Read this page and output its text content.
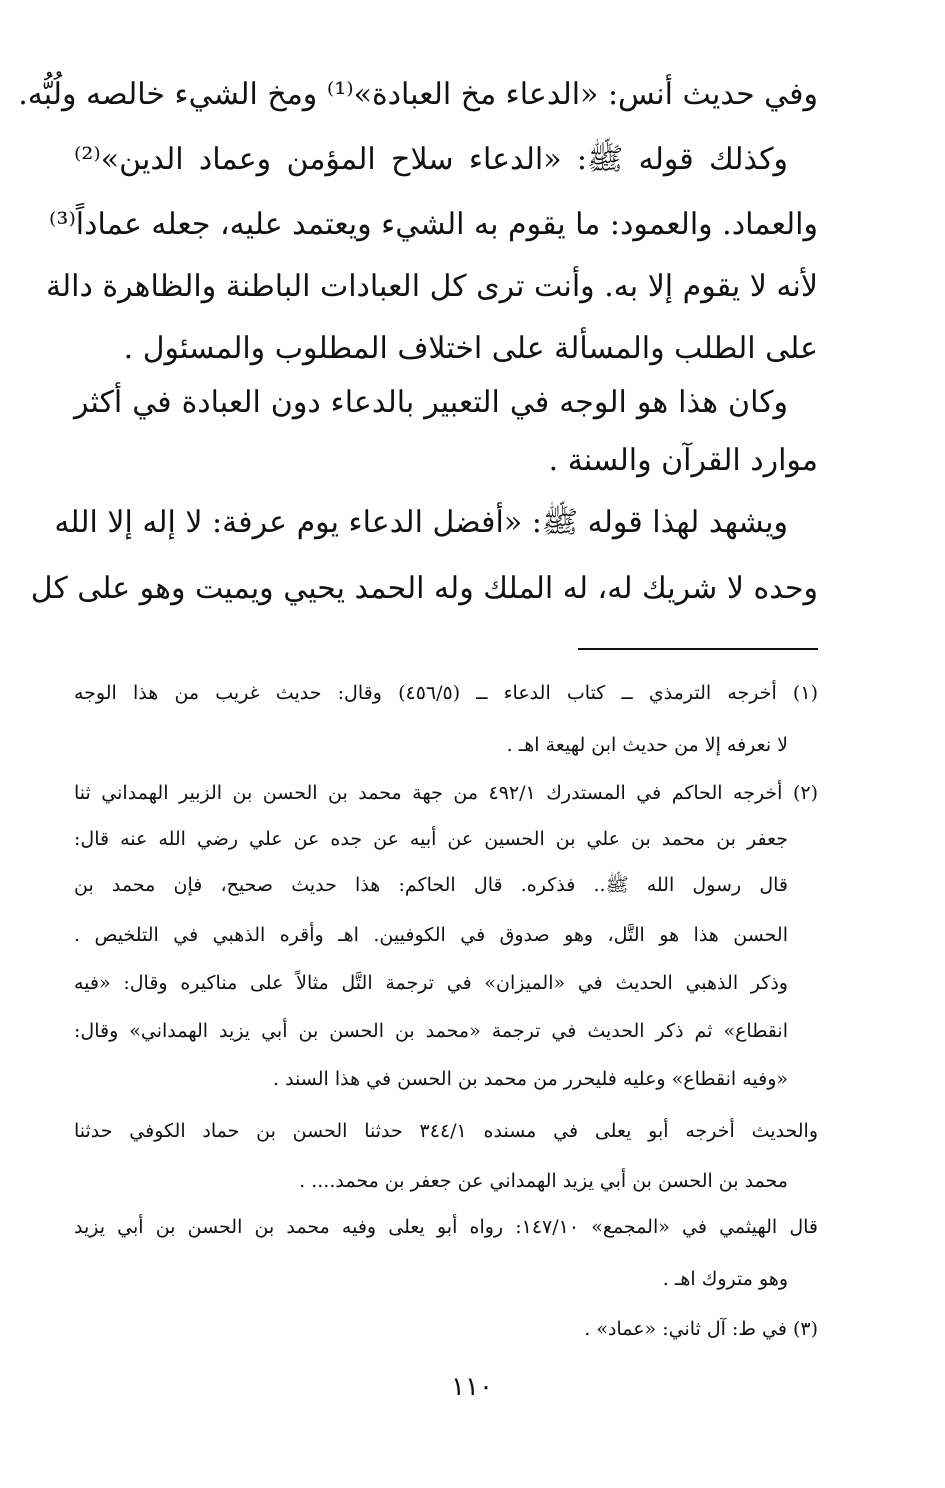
وفي حديث أنس: «الدعاء مخ العبادة»⁽¹⁾ ومخ الشيء خالصه ولُبُّه.
وكذلك قوله ﷺ: «الدعاء سلاح المؤمن وعماد الدين»⁽²⁾
والعماد. والعمود: ما يقوم به الشيء ويعتمد عليه، جعله عماداً⁽³⁾
لأنه لا يقوم إلا به. وأنت ترى كل العبادات الباطنة والظاهرة دالة
على الطلب والمسألة على اختلاف المطلوب والمسئول .
وكان هذا هو الوجه في التعبير بالدعاء دون العبادة في أكثر
موارد القرآن والسنة .
ويشهد لهذا قوله ﷺ: «أفضل الدعاء يوم عرفة: لا إله إلا الله
وحده لا شريك له، له الملك وله الحمد يحيي ويميت وهو على كل
(١) أخرجه الترمذي ــ كتاب الدعاء ــ (٤٥٦/٥) وقال: حديث غريب من هذا الوجه
لا نعرفه إلا من حديث ابن لهيعة اهـ .
(٢) أخرجه الحاكم في المستدرك ٤٩٢/١ من جهة محمد بن الحسن بن الزبير الهمداني ثنا
جعفر بن محمد بن علي بن الحسين عن أبيه عن جده عن علي رضي الله عنه قال:
قال رسول الله ﷺ.. فذكره. قال الحاكم: هذا حديث صحيح، فإن محمد بن
الحسن هذا هو التَّل، وهو صدوق في الكوفيين. اهـ وأقره الذهبي في التلخيص .
وذكر الذهبي الحديث في «الميزان» في ترجمة التَّل مثالاً على مناكيره وقال: «فيه
انقطاع» ثم ذكر الحديث في ترجمة «محمد بن الحسن بن أبي يزيد الهمداني» وقال:
«وفيه انقطاع» وعليه فليحرر من محمد بن الحسن في هذا السند .
والحديث أخرجه أبو يعلى في مسنده ٣٤٤/١ حدثنا الحسن بن حماد الكوفي حدثنا
محمد بن الحسن بن أبي يزيد الهمداني عن جعفر بن محمد.... .
قال الهيثمي في «المجمع» ١٤٧/١٠: رواه أبو يعلى وفيه محمد بن الحسن بن أبي يزيد
وهو متروك اهـ .
(٣) في ط: آل ثاني: «عماد» .
١١٠
